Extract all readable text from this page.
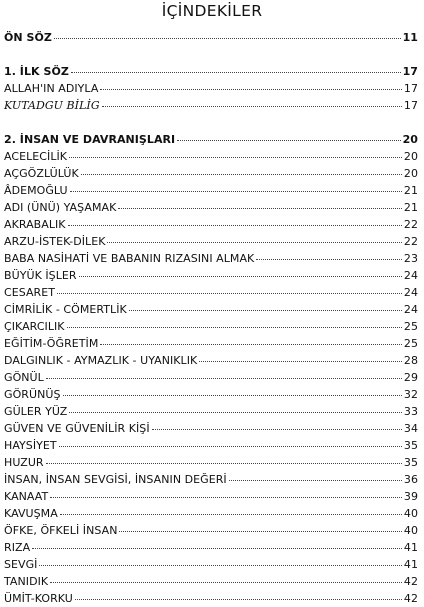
İÇİNDEKİLER
ÖN SÖZ	11
1. İLK SÖZ	17
ALLAH'IN ADIYLA	17
KUTADGU BİLİG	17
2. İNSAN VE DAVRANIŞLARI	20
ACELECİLİK	20
AÇGÖZLÜLÜK	20
ÂDEMOĞLU	21
ADI (ÜNÜ) YAŞAMAK	21
AKRABALIK	22
ARZU-İSTEK-DİLEK	22
BABA NASİHATİ VE BABANIN RIZASINI ALMAK	23
BÜYÜK İŞLER	24
CESARET	24
CİMRİLİK - CÖMERTLİK	24
ÇIKARCILIK	25
EĞİTİM-ÖĞRETİM	25
DALGINLIK - AYMAZLIK - UYANIKLIK	28
GÖNÜL	29
GÖRÜNÜŞ	32
GÜLER YÜZ	33
GÜVEN VE GÜVENİLİR KİŞİ	34
HAYSİYET	35
HUZUR	35
İNSAN, İNSAN SEVGİSİ, İNSANIN DEĞERİ	36
KANAAT	39
KAVUŞMA	40
ÖFKE, ÖFKELİ İNSAN	40
RIZA	41
SEVGİ	41
TANIDIK	42
ÜMİT-KORKU	42
